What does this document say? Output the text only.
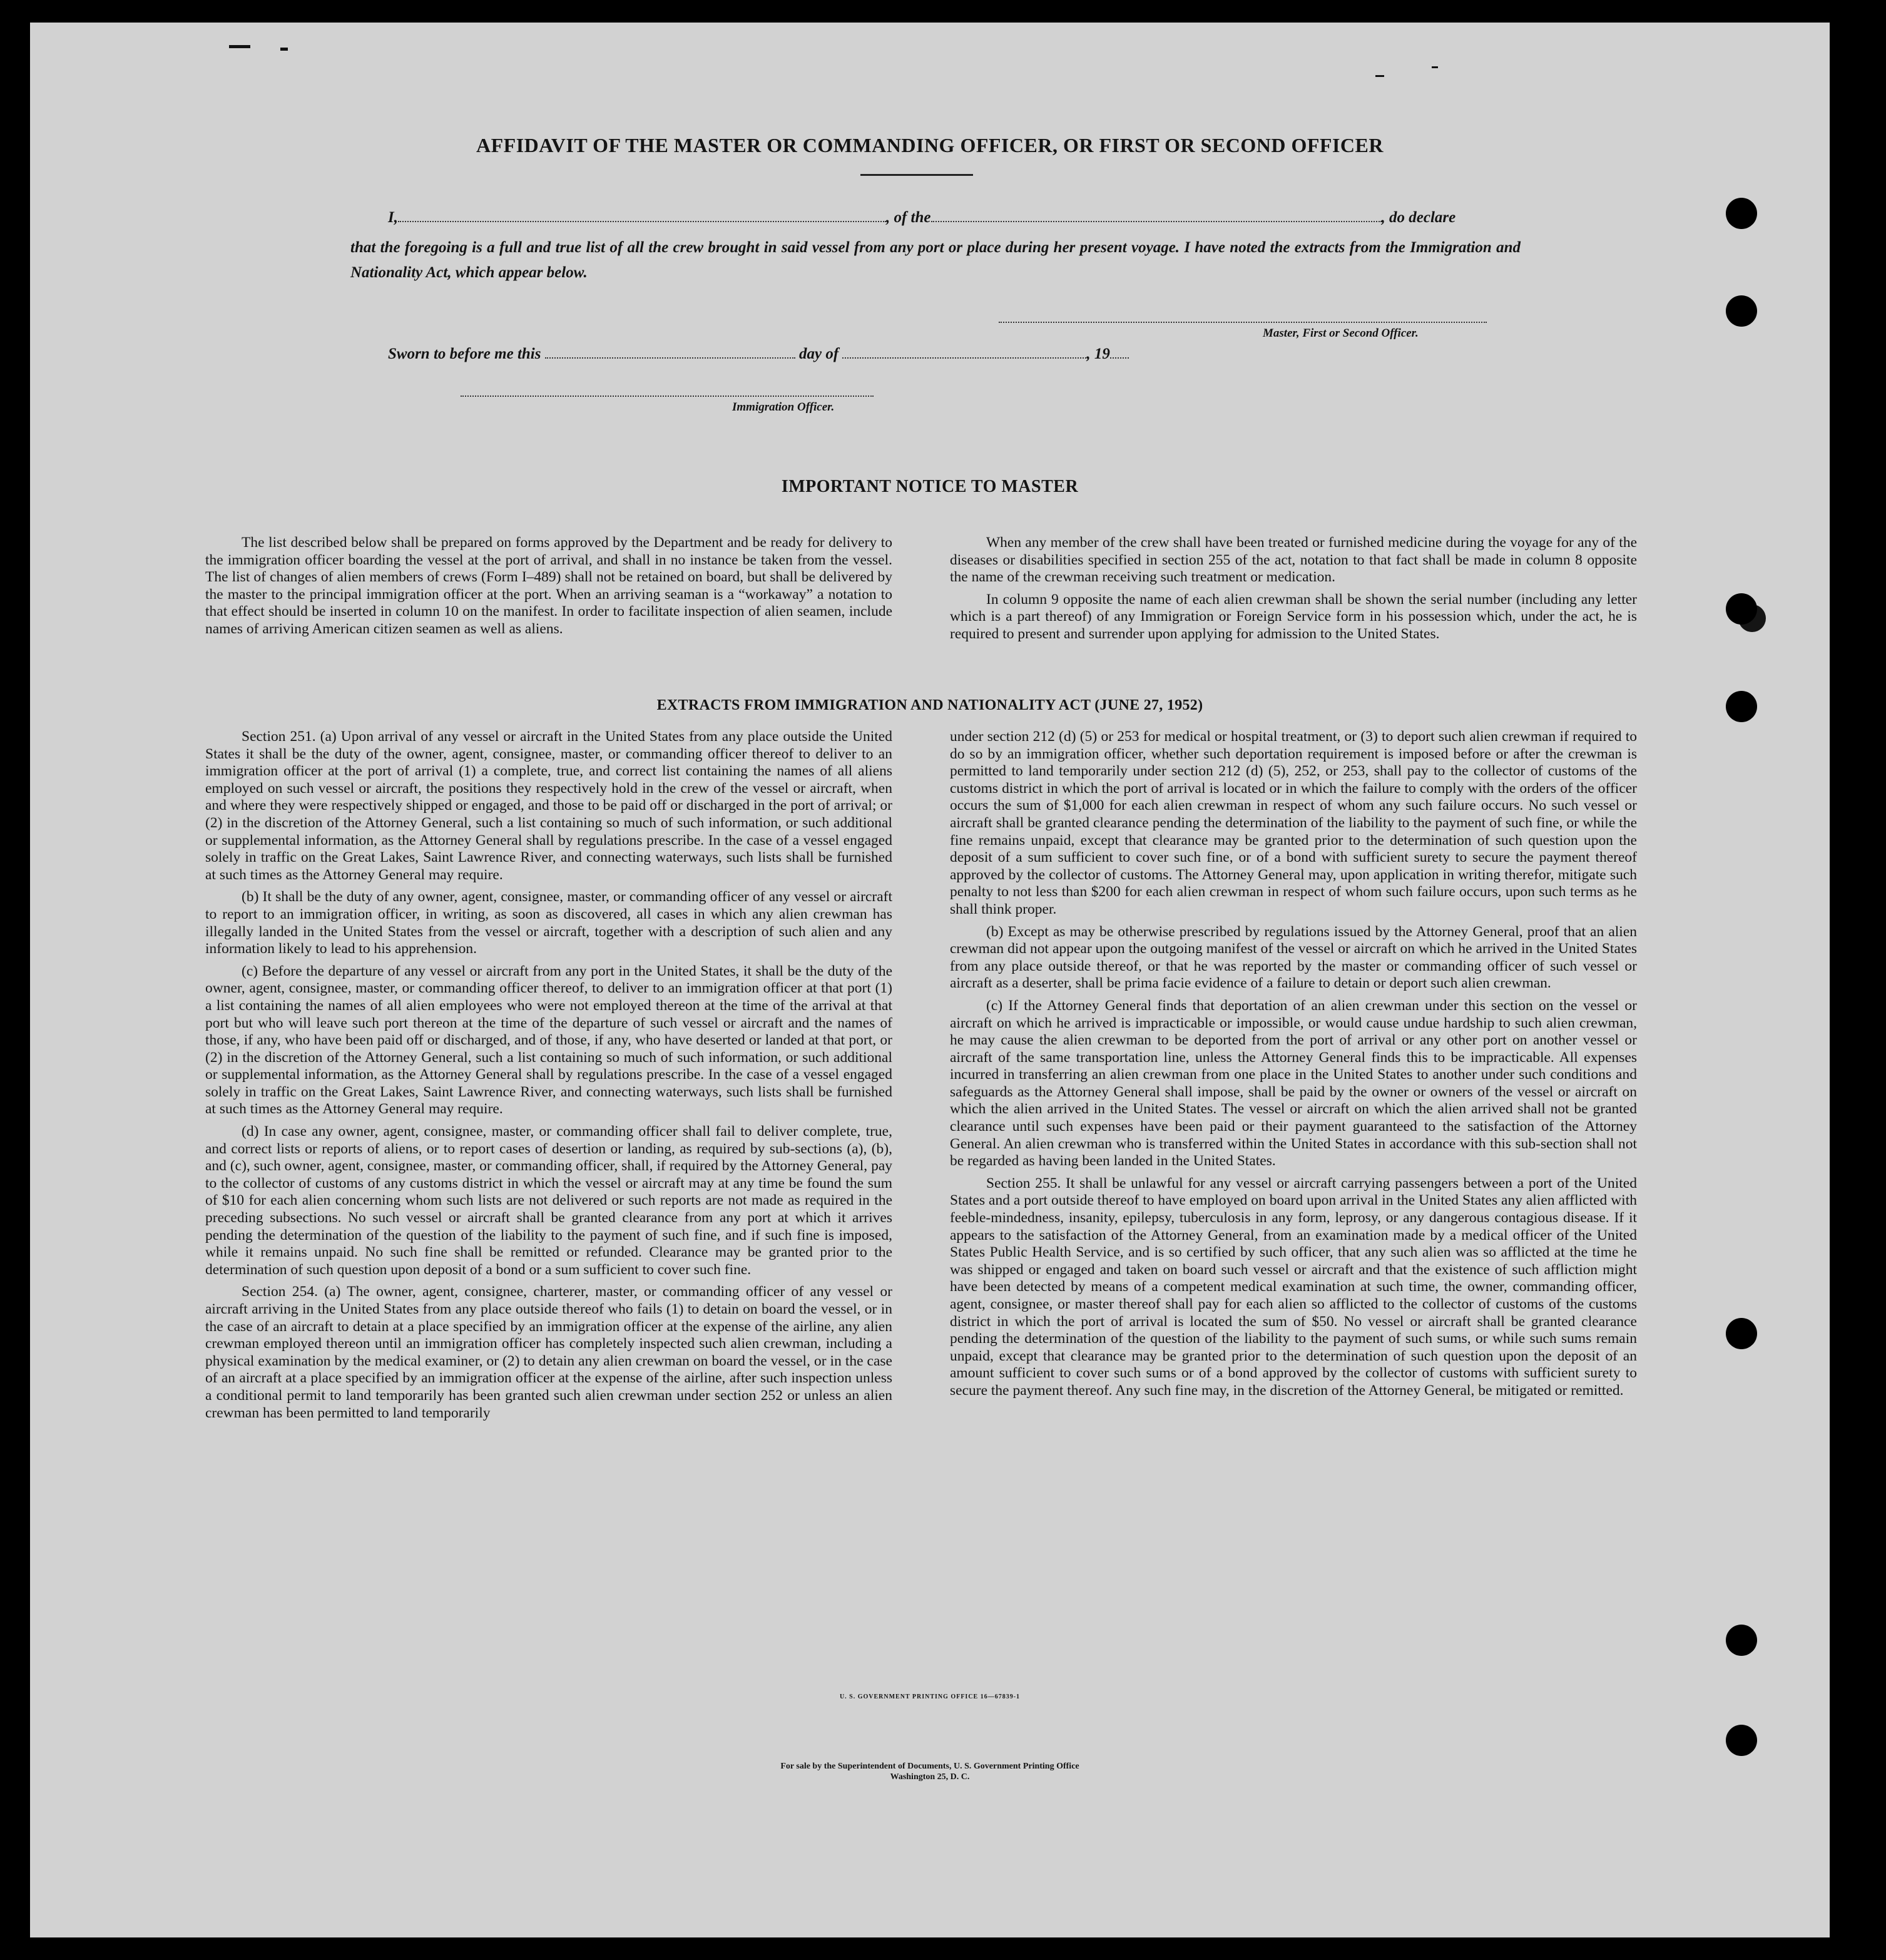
AFFIDAVIT OF THE MASTER OR COMMANDING OFFICER, OR FIRST OR SECOND OFFICER
I,	, of the	, do declare
that the foregoing is a full and true list of all the crew brought in said vessel from any port or place during her present voyage. I have noted the extracts from the Immigration and Nationality Act, which appear below.
Master, First or Second Officer.
Sworn to before me this	day of	, 19
Immigration Officer.
IMPORTANT NOTICE TO MASTER

The list described below shall be prepared on forms approved by the Department and be ready for delivery to the immigration officer boarding the vessel at the port of arrival, and shall in no instance be taken from the vessel. The list of changes of alien members of crews (Form I–489) shall not be retained on board, but shall be delivered by the master to the principal immigration officer at the port. When an arriving seaman is a “workaway” a notation to that effect should be inserted in column 10 on the manifest. In order to facilitate inspection of alien seamen, include names of arriving American citizen seamen as well as aliens.

When any member of the crew shall have been treated or furnished medicine during the voyage for any of the diseases or disabilities specified in section 255 of the act, notation to that fact shall be made in column 8 opposite the name of the crewman receiving such treatment or medication.

In column 9 opposite the name of each alien crewman shall be shown the serial number (including any letter which is a part thereof) of any Immigration or Foreign Service form in his possession which, under the act, he is required to present and surrender upon applying for admission to the United States.

EXTRACTS FROM IMMIGRATION AND NATIONALITY ACT (JUNE 27, 1952)

Section 251. (a) Upon arrival of any vessel or aircraft in the United States from any place outside the United States it shall be the duty of the owner, agent, consignee, master, or commanding officer thereof to deliver to an immigration officer at the port of arrival (1) a complete, true, and correct list containing the names of all aliens employed on such vessel or aircraft, the positions they respectively hold in the crew of the vessel or aircraft, when and where they were respectively shipped or engaged, and those to be paid off or discharged in the port of arrival; or (2) in the discretion of the Attorney General, such a list containing so much of such information, or such additional or supplemental information, as the Attorney General shall by regulations prescribe. In the case of a vessel engaged solely in traffic on the Great Lakes, Saint Lawrence River, and connecting waterways, such lists shall be furnished at such times as the Attorney General may require.

(b) It shall be the duty of any owner, agent, consignee, master, or commanding officer of any vessel or aircraft to report to an immigration officer, in writing, as soon as discovered, all cases in which any alien crewman has illegally landed in the United States from the vessel or aircraft, together with a description of such alien and any information likely to lead to his apprehension.

(c) Before the departure of any vessel or aircraft from any port in the United States, it shall be the duty of the owner, agent, consignee, master, or commanding officer thereof, to deliver to an immigration officer at that port (1) a list containing the names of all alien employees who were not employed thereon at the time of the arrival at that port but who will leave such port thereon at the time of the departure of such vessel or aircraft and the names of those, if any, who have been paid off or discharged, and of those, if any, who have deserted or landed at that port, or (2) in the discretion of the Attorney General, such a list containing so much of such information, or such additional or supplemental information, as the Attorney General shall by regulations prescribe. In the case of a vessel engaged solely in traffic on the Great Lakes, Saint Lawrence River, and connecting waterways, such lists shall be furnished at such times as the Attorney General may require.

(d) In case any owner, agent, consignee, master, or commanding officer shall fail to deliver complete, true, and correct lists or reports of aliens, or to report cases of desertion or landing, as required by sub-sections (a), (b), and (c), such owner, agent, consignee, master, or commanding officer, shall, if required by the Attorney General, pay to the collector of customs of any customs district in which the vessel or aircraft may at any time be found the sum of $10 for each alien concerning whom such lists are not delivered or such reports are not made as required in the preceding subsections. No such vessel or aircraft shall be granted clearance from any port at which it arrives pending the determination of the question of the liability to the payment of such fine, and if such fine is imposed, while it remains unpaid. No such fine shall be remitted or refunded. Clearance may be granted prior to the determination of such question upon deposit of a bond or a sum sufficient to cover such fine.

Section 254. (a) The owner, agent, consignee, charterer, master, or commanding officer of any vessel or aircraft arriving in the United States from any place outside thereof who fails (1) to detain on board the vessel, or in the case of an aircraft to detain at a place specified by an immigration officer at the expense of the airline, any alien crewman employed thereon until an immigration officer has completely inspected such alien crewman, including a physical examination by the medical examiner, or (2) to detain any alien crewman on board the vessel, or in the case of an aircraft at a place specified by an immigration officer at the expense of the airline, after such inspection unless a conditional permit to land temporarily has been granted such alien crewman under section 252 or unless an alien crewman has been permitted to land temporarily

under section 212 (d) (5) or 253 for medical or hospital treatment, or (3) to deport such alien crewman if required to do so by an immigration officer, whether such deportation requirement is imposed before or after the crewman is permitted to land temporarily under section 212 (d) (5), 252, or 253, shall pay to the collector of customs of the customs district in which the port of arrival is located or in which the failure to comply with the orders of the officer occurs the sum of $1,000 for each alien crewman in respect of whom any such failure occurs. No such vessel or aircraft shall be granted clearance pending the determination of the liability to the payment of such fine, or while the fine remains unpaid, except that clearance may be granted prior to the determination of such question upon the deposit of a sum sufficient to cover such fine, or of a bond with sufficient surety to secure the payment thereof approved by the collector of customs. The Attorney General may, upon application in writing therefor, mitigate such penalty to not less than $200 for each alien crewman in respect of whom such failure occurs, upon such terms as he shall think proper.

(b) Except as may be otherwise prescribed by regulations issued by the Attorney General, proof that an alien crewman did not appear upon the outgoing manifest of the vessel or aircraft on which he arrived in the United States from any place outside thereof, or that he was reported by the master or commanding officer of such vessel or aircraft as a deserter, shall be prima facie evidence of a failure to detain or deport such alien crewman.

(c) If the Attorney General finds that deportation of an alien crewman under this section on the vessel or aircraft on which he arrived is impracticable or impossible, or would cause undue hardship to such alien crewman, he may cause the alien crewman to be deported from the port of arrival or any other port on another vessel or aircraft of the same transportation line, unless the Attorney General finds this to be impracticable. All expenses incurred in transferring an alien crewman from one place in the United States to another under such conditions and safeguards as the Attorney General shall impose, shall be paid by the owner or owners of the vessel or aircraft on which the alien arrived in the United States. The vessel or aircraft on which the alien arrived shall not be granted clearance until such expenses have been paid or their payment guaranteed to the satisfaction of the Attorney General. An alien crewman who is transferred within the United States in accordance with this sub-section shall not be regarded as having been landed in the United States.

Section 255. It shall be unlawful for any vessel or aircraft carrying passengers between a port of the United States and a port outside thereof to have employed on board upon arrival in the United States any alien afflicted with feeble-mindedness, insanity, epilepsy, tuberculosis in any form, leprosy, or any dangerous contagious disease. If it appears to the satisfaction of the Attorney General, from an examination made by a medical officer of the United States Public Health Service, and is so certified by such officer, that any such alien was so afflicted at the time he was shipped or engaged and taken on board such vessel or aircraft and that the existence of such affliction might have been detected by means of a competent medical examination at such time, the owner, commanding officer, agent, consignee, or master thereof shall pay for each alien so afflicted to the collector of customs of the customs district in which the port of arrival is located the sum of $50. No vessel or aircraft shall be granted clearance pending the determination of the question of the liability to the payment of such sums, or while such sums remain unpaid, except that clearance may be granted prior to the determination of such question upon the deposit of an amount sufficient to cover such sums or of a bond approved by the collector of customs with sufficient surety to secure the payment thereof. Any such fine may, in the discretion of the Attorney General, be mitigated or remitted.

U. S. GOVERNMENT PRINTING OFFICE 16—67839-1
For sale by the Superintendent of Documents, U. S. Government Printing Office
Washington 25, D. C.
